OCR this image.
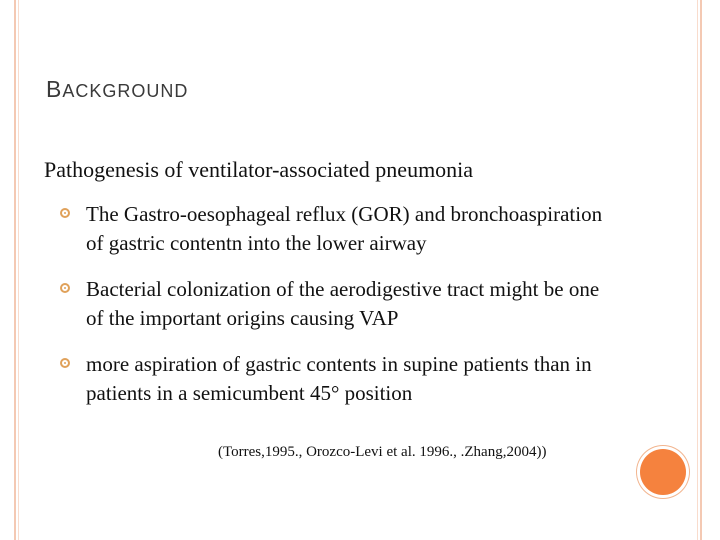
BACKGROUND
Pathogenesis of ventilator-associated pneumonia
The Gastro-oesophageal reflux (GOR) and bronchoaspiration of gastric contentn into the lower airway
Bacterial colonization of the aerodigestive tract might be one of the important origins causing VAP
more aspiration of gastric contents in supine patients than in patients in a semicumbent 45° position
(Torres,1995., Orozco-Levi et al. 1996., .Zhang,2004))
